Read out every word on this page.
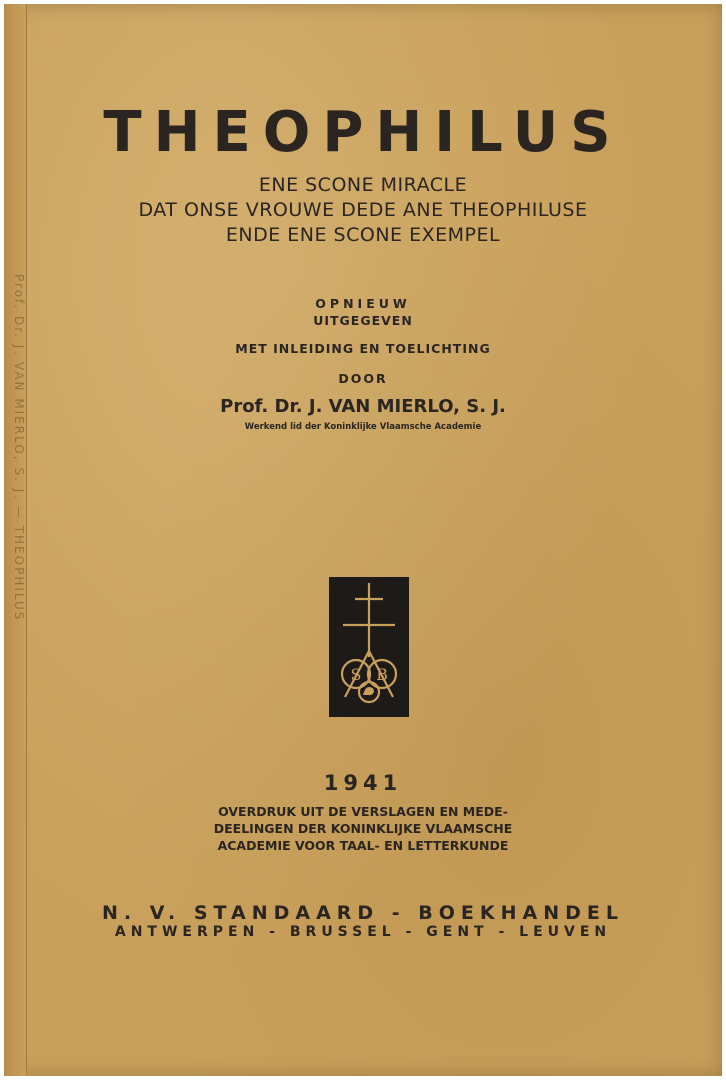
Prof. Dr. J. VAN MIERLO, S. J. — THEOPHILUS
THEOPHILUS
ENE SCONE MIRACLE
DAT ONSE VROUWE DEDE ANE THEOPHILUSE
ENDE ENE SCONE EXEMPEL
OPNIEUW
UITGEGEVEN
MET INLEIDING EN TOELICHTING
DOOR
Prof. Dr. J. VAN MIERLO, S. J.
Werkend lid der Koninklijke Vlaamsche Academie
S B
1941
OVERDRUK UIT DE VERSLAGEN EN MEDE-
DEELINGEN DER KONINKLIJKE VLAAMSCHE
ACADEMIE VOOR TAAL- EN LETTERKUNDE
N. V. STANDAARD - BOEKHANDEL
ANTWERPEN - BRUSSEL - GENT - LEUVEN
